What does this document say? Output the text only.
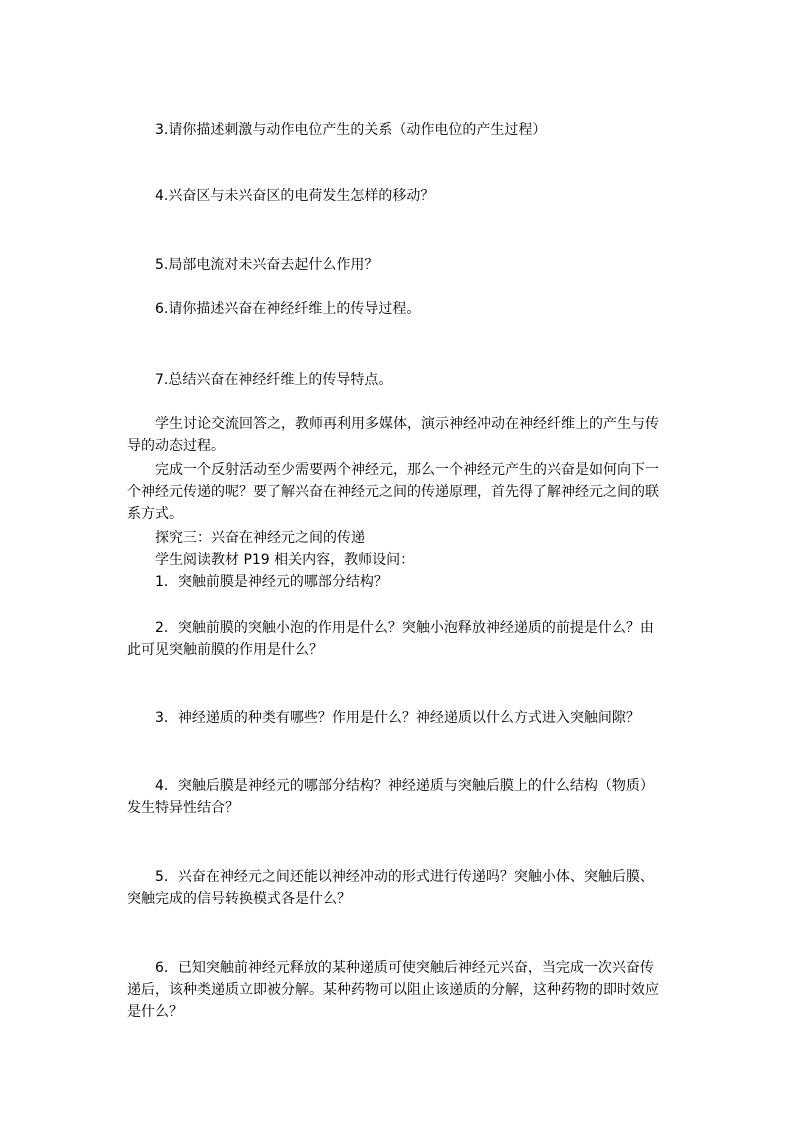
3.请你描述刺激与动作电位产生的关系（动作电位的产生过程）
4.兴奋区与未兴奋区的电荷发生怎样的移动？
5.局部电流对未兴奋去起什么作用？
6.请你描述兴奋在神经纤维上的传导过程。
7.总结兴奋在神经纤维上的传导特点。
学生讨论交流回答之，教师再利用多媒体，演示神经冲动在神经纤维上的产生与传导的动态过程。
完成一个反射活动至少需要两个神经元，那么一个神经元产生的兴奋是如何向下一个神经元传递的呢？要了解兴奋在神经元之间的传递原理，首先得了解神经元之间的联系方式。
探究三：兴奋在神经元之间的传递
学生阅读教材 P19 相关内容，教师设问：
1．突触前膜是神经元的哪部分结构？
2．突触前膜的突触小泡的作用是什么？突触小泡释放神经递质的前提是什么？由此可见突触前膜的作用是什么？
3．神经递质的种类有哪些？作用是什么？神经递质以什么方式进入突触间隙？
4．突触后膜是神经元的哪部分结构？神经递质与突触后膜上的什么结构（物质）发生特异性结合？
5．兴奋在神经元之间还能以神经冲动的形式进行传递吗？突触小体、突触后膜、突触完成的信号转换模式各是什么？
6．已知突触前神经元释放的某种递质可使突触后神经元兴奋，当完成一次兴奋传递后，该种类递质立即被分解。某种药物可以阻止该递质的分解，这种药物的即时效应是什么？
